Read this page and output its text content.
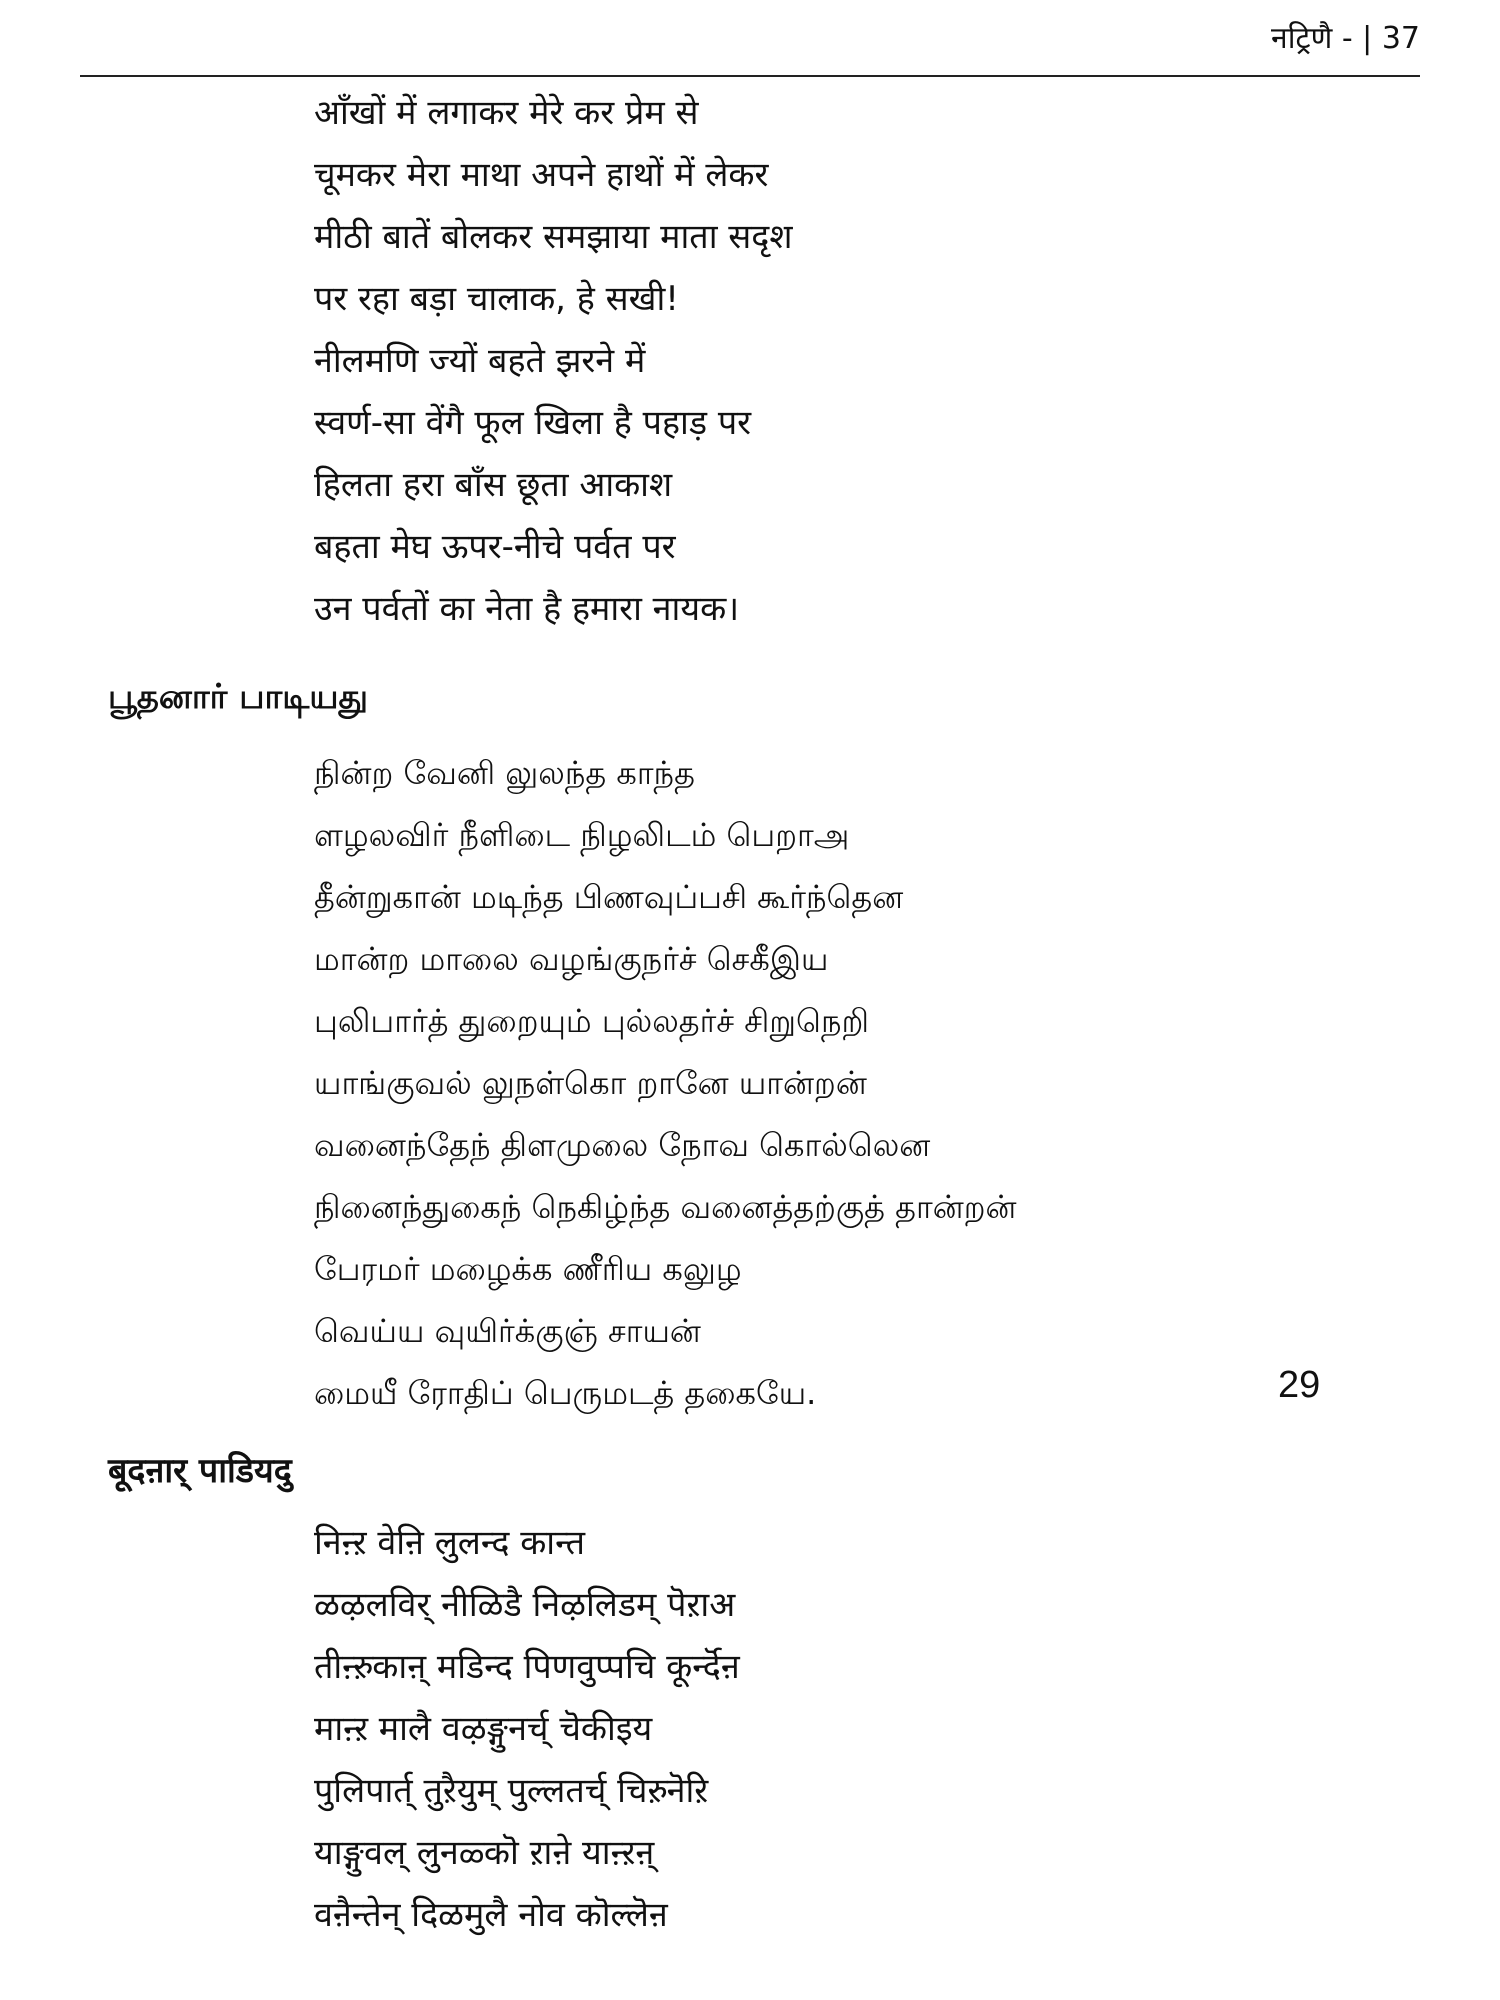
नट्रिणै - | 37
आँखों में लगाकर मेरे कर प्रेम से
चूमकर मेरा माथा अपने हाथों में लेकर
मीठी बातें बोलकर समझाया माता सदृश
पर रहा बड़ा चालाक, हे सखी!
नीलमणि ज्यों बहते झरने में
स्वर्ण-सा वेंगै फूल खिला है पहाड़ पर
हिलता हरा बाँस छूता आकाश
बहता मेघ ऊपर-नीचे पर्वत पर
उन पर्वतों का नेता है हमारा नायक।
பூதனார் பாடியது
நின்ற வேனி லுலந்த காந்த
ளழலவிர் நீளிடை நிழலிடம் பெறாஅ
தீன்றுகான் மடிந்த பிணவுப்பசி கூர்ந்தென
மான்ற மாலை வழங்குநர்ச் செகீஇய
புலிபார்த் துறையும் புல்லதர்ச் சிறுநெறி
யாங்குவல் லுநள்கொ றானே யான்றன்
வனைந்தேந் திளமுலை நோவ கொல்லென
நினைந்துகைந் நெகிழ்ந்த வனைத்தற்குத் தான்றன்
பேரமர் மழைக்க ணீரிய கலுழ
வெய்ய வுயிர்க்குஞ் சாயன்
மையீ ரோதிப் பெருமடத் தகையே.	29
बूदऩार् पाडियदु
निऩ्ऱ वेऩि लुलन्द कान्त
ळऴलविर् नीळिडै निऴलिडम् पॆऱाअ
तीऩ्ऱुकाऩ् मडिन्द पिणवुप्पचि कूर्न्दॆऩ
माऩ्ऱ मालै वऴङ्गुनर्च् चॆकीइय
पुलिपार्त् तुऱैयुम् पुल्लतर्च् चिऱुनॆऱि
याङ्गुवल् लुनळ्कॊ ऱाऩे याऩ्ऱऩ्
वऩैन्तेन् दिळमुलै नोव कॊल्लॆऩ
